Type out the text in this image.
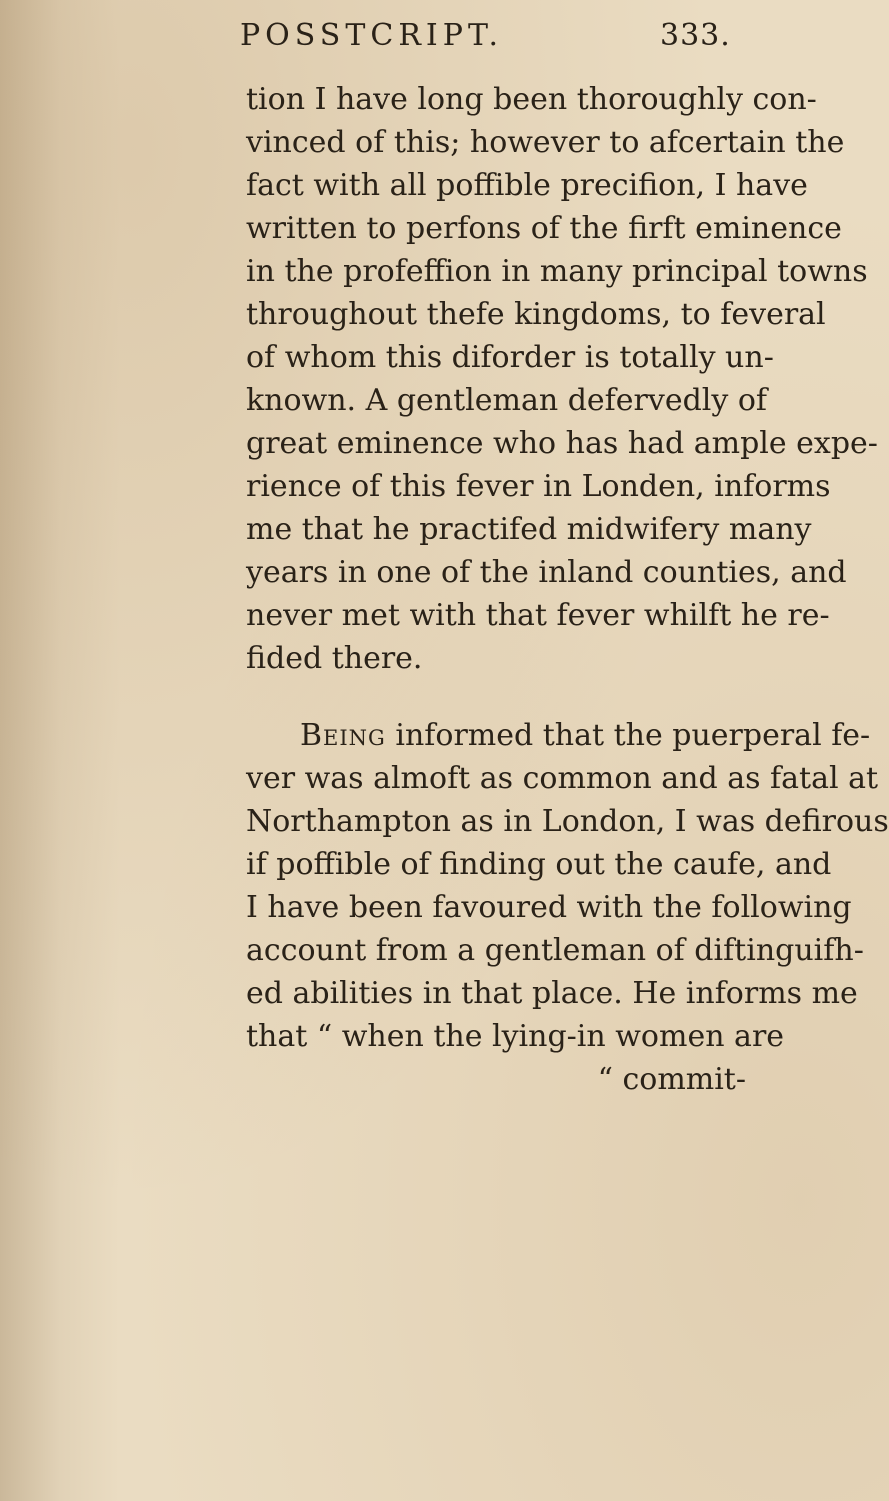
POSSTCRIPT.	333.
tion I have long been thoroughly con-
vinced of this; however to afcertain the
fact with all poffible precifion, I have
written to perfons of the firft eminence
in the profeffion in many principal towns
throughout thefe kingdoms, to feveral
of whom this diforder is totally un-
known. A gentleman defervedly of
great eminence who has had ample expe-
rience of this fever in Londen, informs
me that he practifed midwifery many
years in one of the inland counties, and
never met with that fever whilft he re-
fided there.
Being informed that the puerperal fe-
ver was almoft as common and as fatal at
Northampton as in London, I was defirous
if poffible of finding out the caufe, and
I have been favoured with the following
account from a gentleman of diftinguifh-
ed abilities in that place. He informs me
that “ when the lying-in women are
“ commit-
